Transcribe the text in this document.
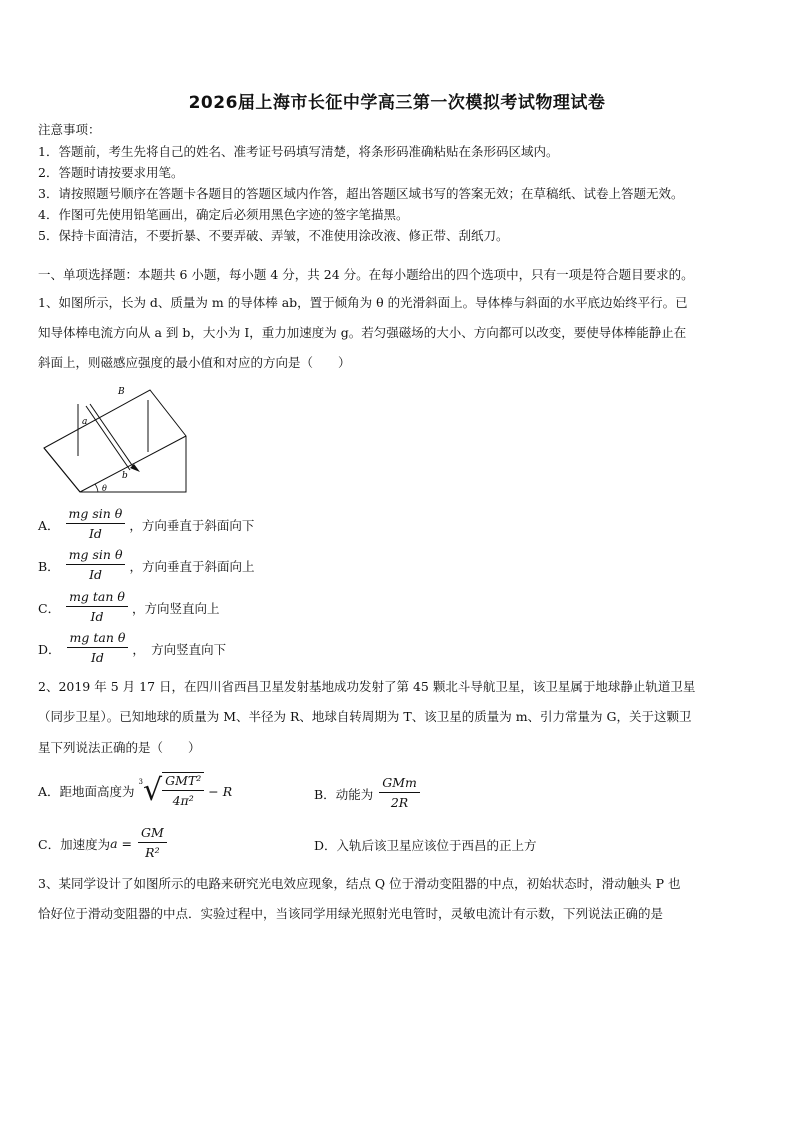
2026届上海市长征中学高三第一次模拟考试物理试卷
注意事项：
1．答题前，考生先将自己的姓名、准考证号码填写清楚，将条形码准确粘贴在条形码区域内。
2．答题时请按要求用笔。
3．请按照题号顺序在答题卡各题目的答题区域内作答，超出答题区域书写的答案无效；在草稿纸、试卷上答题无效。
4．作图可先使用铅笔画出，确定后必须用黑色字迹的签字笔描黑。
5．保持卡面清洁，不要折暴、不要弄破、弄皱，不准使用涂改液、修正带、刮纸刀。
一、单项选择题：本题共 6 小题，每小题 4 分，共 24 分。在每小题给出的四个选项中，只有一项是符合题目要求的。
1、如图所示，长为 d、质量为 m 的导体棒 ab，置于倾角为 θ 的光滑斜面上。导体棒与斜面的水平底边始终平行。已
知导体棒电流方向从 a 到 b，大小为 I，重力加速度为 g。若匀强磁场的大小、方向都可以改变，要使导体棒能静止在
斜面上，则磁感应强度的最小值和对应的方向是（　　）
B
a
b
θ
A． $\frac{\text{mg sin θ}}{Id}$ ，方向垂直于斜面向下
B． $\frac{\text{mg sin θ}}{Id}$ ，方向垂直于斜面向上
C． $\frac{\text{mg tan θ}}{Id}$ ，方向竖直向上
D． $\frac{\text{mg tan θ}}{Id}$ ，　方向竖直向下
2、2019 年 5 月 17 日，在四川省西昌卫星发射基地成功发射了第 45 颗北斗导航卫星，该卫星属于地球静止轨道卫星
（同步卫星）。已知地球的质量为 M、半径为 R、地球自转周期为 T、该卫星的质量为 m、引力常量为 G，关于这颗卫
星下列说法正确的是（　　）
A． 距地面高度为
3 √ $\frac{\text{GMT²}}{\text{4π²}} - R$	B． 动能为 $\frac{\text{GMm}}{2R}$
C． 加速度为 $a = \frac{GM}{\text{R²}}$	D． 入轨后该卫星应该位于西昌的正上方
3、某同学设计了如图所示的电路来研究光电效应现象，结点 Q 位于滑动变阻器的中点，初始状态时，滑动触头 P 也
恰好位于滑动变阻器的中点．实验过程中，当该同学用绿光照射光电管时，灵敏电流计有示数，下列说法正确的是
